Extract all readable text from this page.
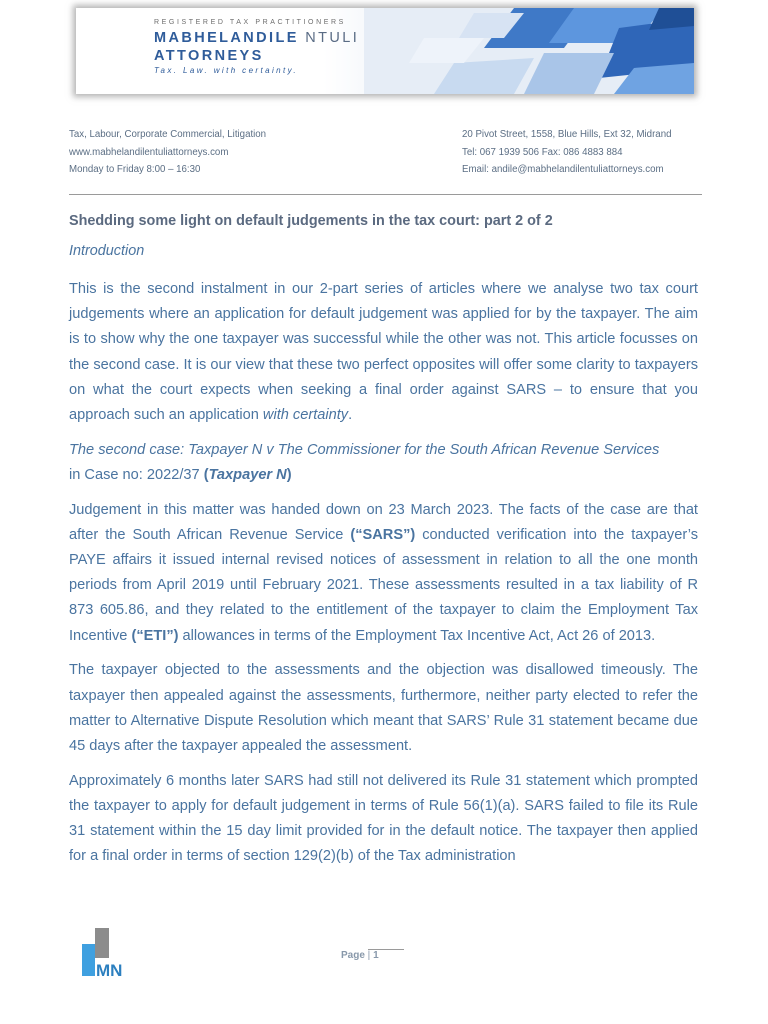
REGISTERED TAX PRACTITIONERS
MABHELANDILE NTULI
ATTORNEYS
Tax. Law. with certainty.
Tax, Labour, Corporate Commercial, Litigation
www.mabhelandilentuliattorneys.com
Monday to Friday 8:00 – 16:30
20 Pivot Street, 1558, Blue Hills, Ext 32, Midrand
Tel: 067 1939 506 Fax: 086 4883 884
Email: andile@mabhelandilentuliattorneys.com
Shedding some light on default judgements in the tax court: part 2 of 2
Introduction

This is the second instalment in our 2-part series of articles where we analyse two tax court judgements where an application for default judgement was applied for by the taxpayer. The aim is to show why the one taxpayer was successful while the other was not. This article focusses on the second case. It is our view that these two perfect opposites will offer some clarity to taxpayers on what the court expects when seeking a final order against SARS – to ensure that you approach such an application with certainty.

The second case: Taxpayer N v The Commissioner for the South African Revenue Services
in Case no: 2022/37 (Taxpayer N)

Judgement in this matter was handed down on 23 March 2023. The facts of the case are that after the South African Revenue Service (“SARS”) conducted verification into the taxpayer’s PAYE affairs it issued internal revised notices of assessment in relation to all the one month periods from April 2019 until February 2021. These assessments resulted in a tax liability of R 873 605.86, and they related to the entitlement of the taxpayer to claim the Employment Tax Incentive (“ETI”) allowances in terms of the Employment Tax Incentive Act, Act 26 of 2013.

The taxpayer objected to the assessments and the objection was disallowed timeously. The taxpayer then appealed against the assessments, furthermore, neither party elected to refer the matter to Alternative Dispute Resolution which meant that SARS’ Rule 31 statement became due 45 days after the taxpayer appealed the assessment.

Approximately 6 months later SARS had still not delivered its Rule 31 statement which prompted the taxpayer to apply for default judgement in terms of Rule 56(1)(a). SARS failed to file its Rule 31 statement within the 15 day limit provided for in the default notice. The taxpayer then applied for a final order in terms of section 129(2)(b) of the Tax administration

MN
Page | 1
